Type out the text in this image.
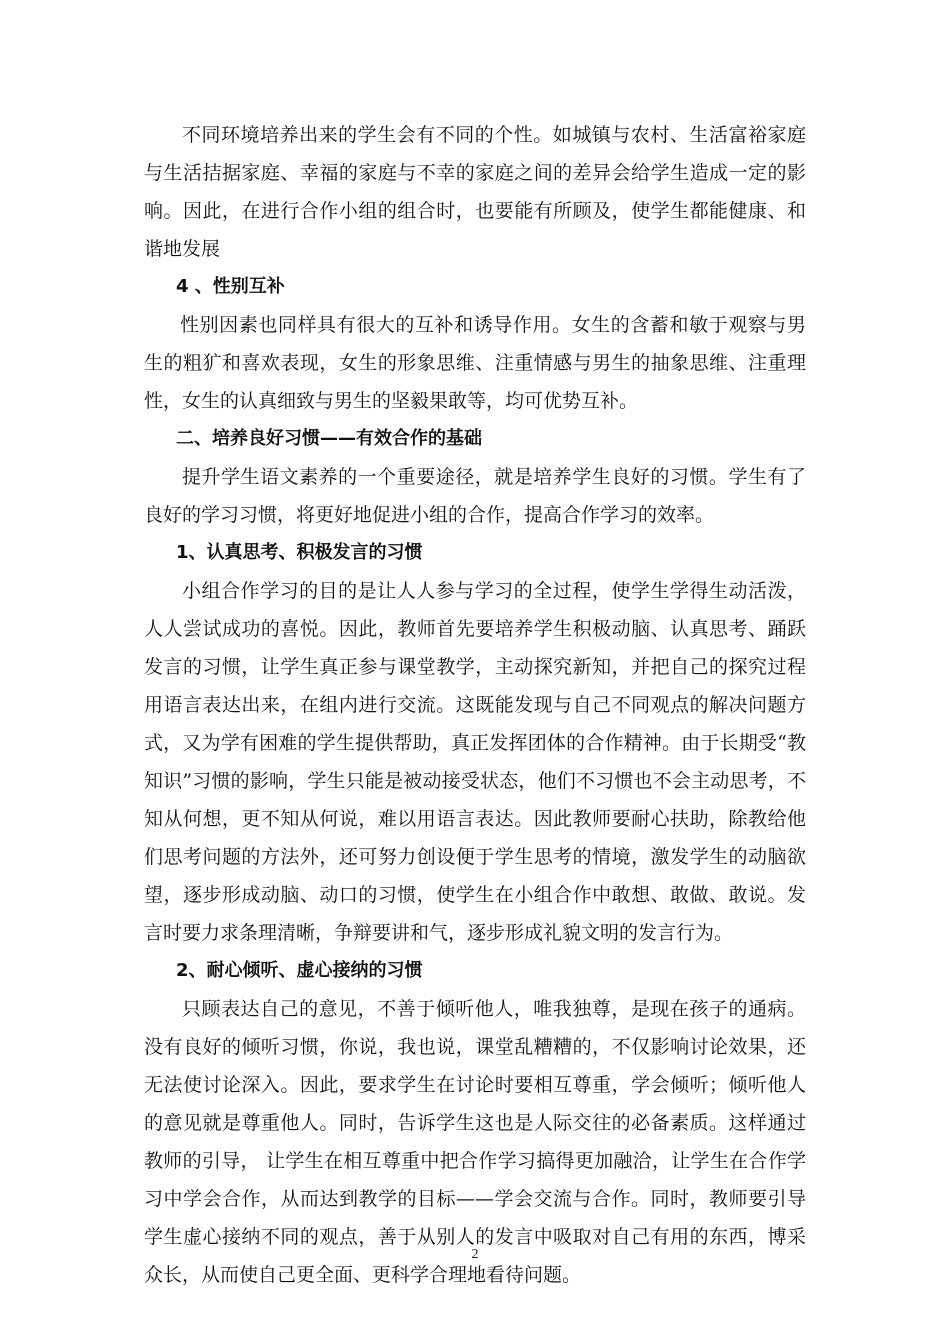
不同环境培养出来的学生会有不同的个性。如城镇与农村、生活富裕家庭与生活拮据家庭、幸福的家庭与不幸的家庭之间的差异会给学生造成一定的影响。因此，在进行合作小组的组合时，也要能有所顾及，使学生都能健康、和谐地发展

4 、性别互补

性别因素也同样具有很大的互补和诱导作用。女生的含蓄和敏于观察与男生的粗犷和喜欢表现，女生的形象思维、注重情感与男生的抽象思维、注重理性，女生的认真细致与男生的坚毅果敢等，均可优势互补。

二、培养良好习惯——有效合作的基础

提升学生语文素养的一个重要途径，就是培养学生良好的习惯。学生有了良好的学习习惯，将更好地促进小组的合作，提高合作学习的效率。

1、认真思考、积极发言的习惯

小组合作学习的目的是让人人参与学习的全过程，使学生学得生动活泼，人人尝试成功的喜悦。因此，教师首先要培养学生积极动脑、认真思考、踊跃发言的习惯，让学生真正参与课堂教学，主动探究新知，并把自己的探究过程用语言表达出来，在组内进行交流。这既能发现与自己不同观点的解决问题方式，又为学有困难的学生提供帮助，真正发挥团体的合作精神。由于长期受“教知识”习惯的影响，学生只能是被动接受状态，他们不习惯也不会主动思考，不知从何想，更不知从何说，难以用语言表达。因此教师要耐心扶助，除教给他们思考问题的方法外，还可努力创设便于学生思考的情境，激发学生的动脑欲望，逐步形成动脑、动口的习惯，使学生在小组合作中敢想、敢做、敢说。发言时要力求条理清晰，争辩要讲和气，逐步形成礼貌文明的发言行为。

2、耐心倾听、虚心接纳的习惯

只顾表达自己的意见，不善于倾听他人，唯我独尊，是现在孩子的通病。没有良好的倾听习惯，你说，我也说，课堂乱糟糟的，不仅影响讨论效果，还无法使讨论深入。因此，要求学生在讨论时要相互尊重，学会倾听；倾听他人的意见就是尊重他人。同时，告诉学生这也是人际交往的必备素质。这样通过教师的引导， 让学生在相互尊重中把合作学习搞得更加融洽，让学生在合作学习中学会合作，从而达到教学的目标——学会交流与合作。同时，教师要引导学生虚心接纳不同的观点，善于从别人的发言中吸取对自己有用的东西，博采众长，从而使自己更全面、更科学合理地看待问题。

2
